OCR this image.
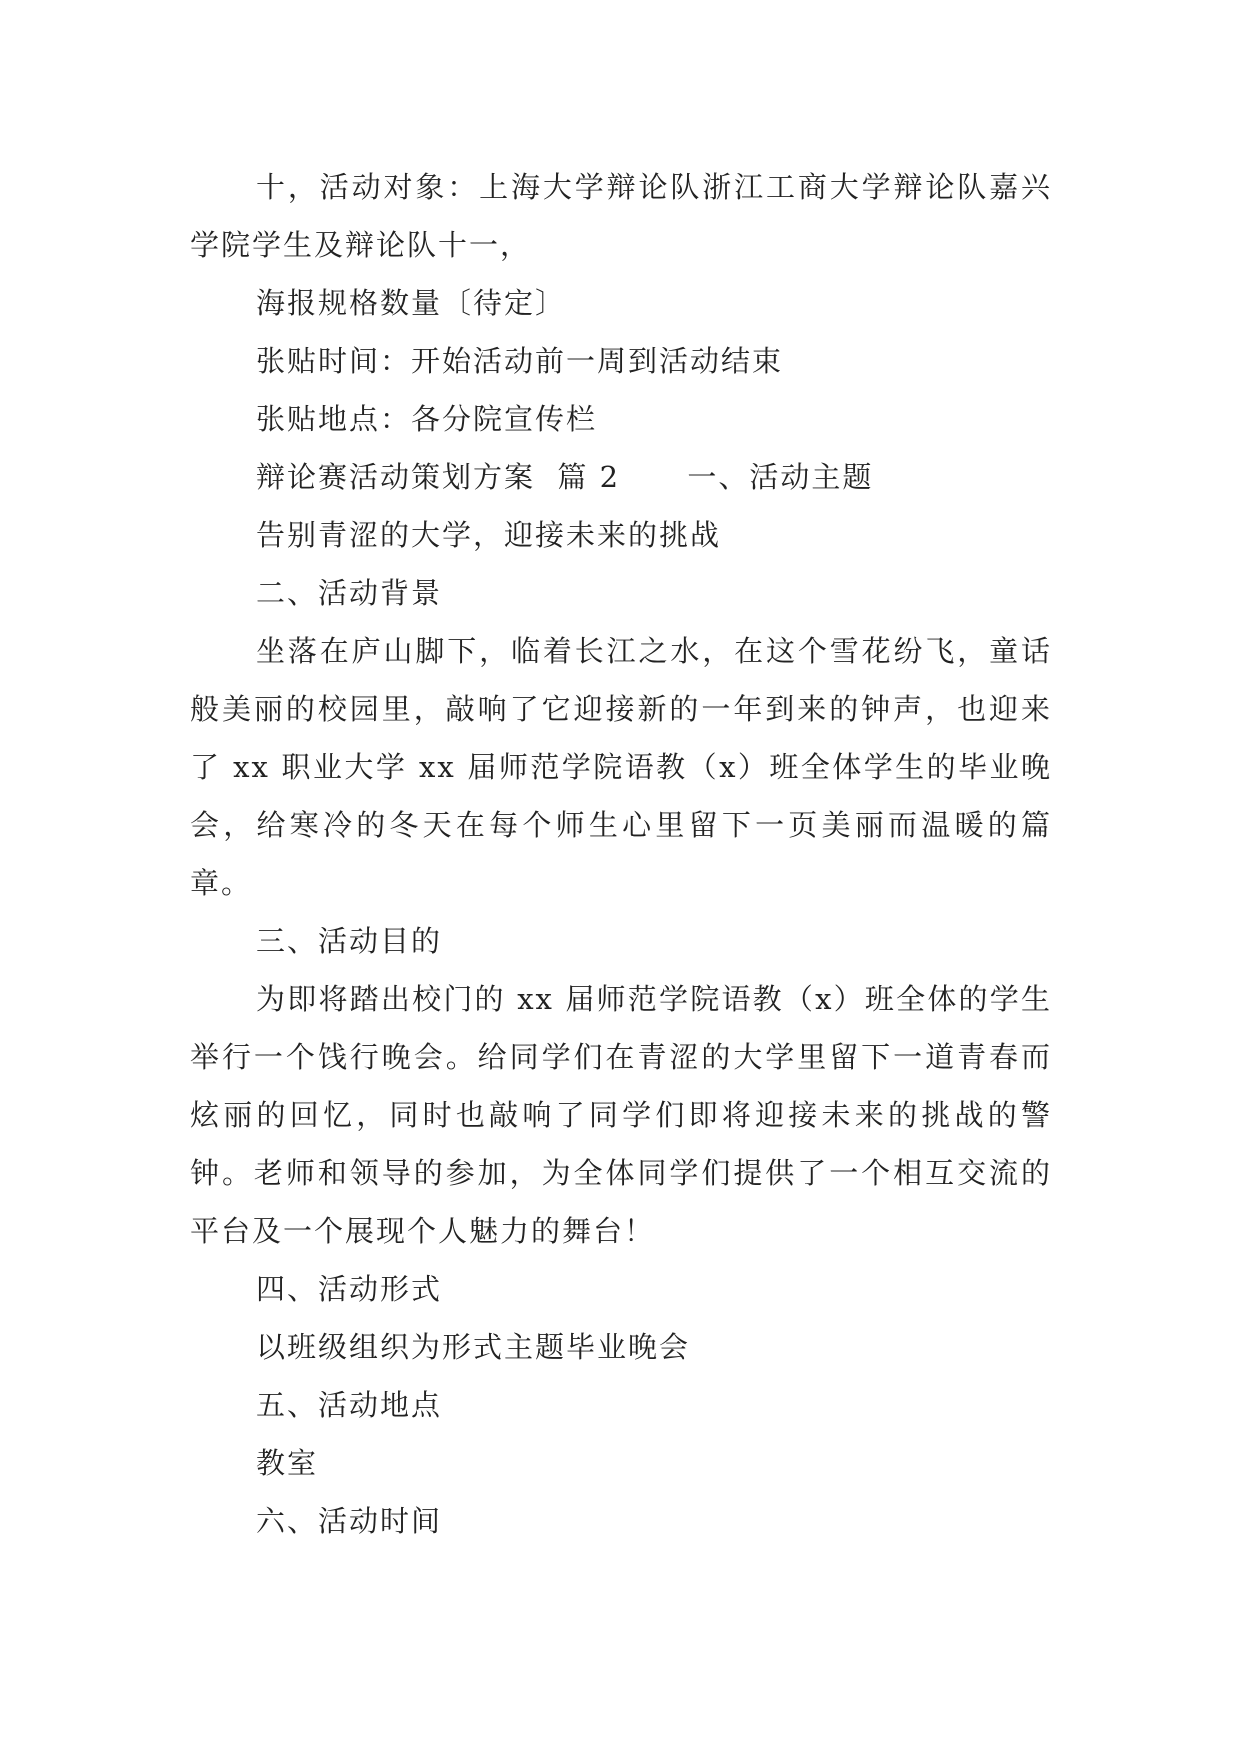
十，活动对象：上海大学辩论队浙江工商大学辩论队嘉兴学院学生及辩论队十一，

海报规格数量〔待定〕

张贴时间：开始活动前一周到活动结束

张贴地点：各分院宣传栏

辩论赛活动策划方案  篇 2      一、活动主题

告别青涩的大学，迎接未来的挑战

二、活动背景

坐落在庐山脚下，临着长江之水，在这个雪花纷飞，童话般美丽的校园里，敲响了它迎接新的一年到来的钟声，也迎来了 xx 职业大学 xx 届师范学院语教（x）班全体学生的毕业晚会，给寒冷的冬天在每个师生心里留下一页美丽而温暖的篇章。

三、活动目的

为即将踏出校门的 xx 届师范学院语教（x）班全体的学生举行一个饯行晚会。给同学们在青涩的大学里留下一道青春而炫丽的回忆，同时也敲响了同学们即将迎接未来的挑战的警钟。老师和领导的参加，为全体同学们提供了一个相互交流的平台及一个展现个人魅力的舞台！

四、活动形式

以班级组织为形式主题毕业晚会

五、活动地点

教室

六、活动时间
